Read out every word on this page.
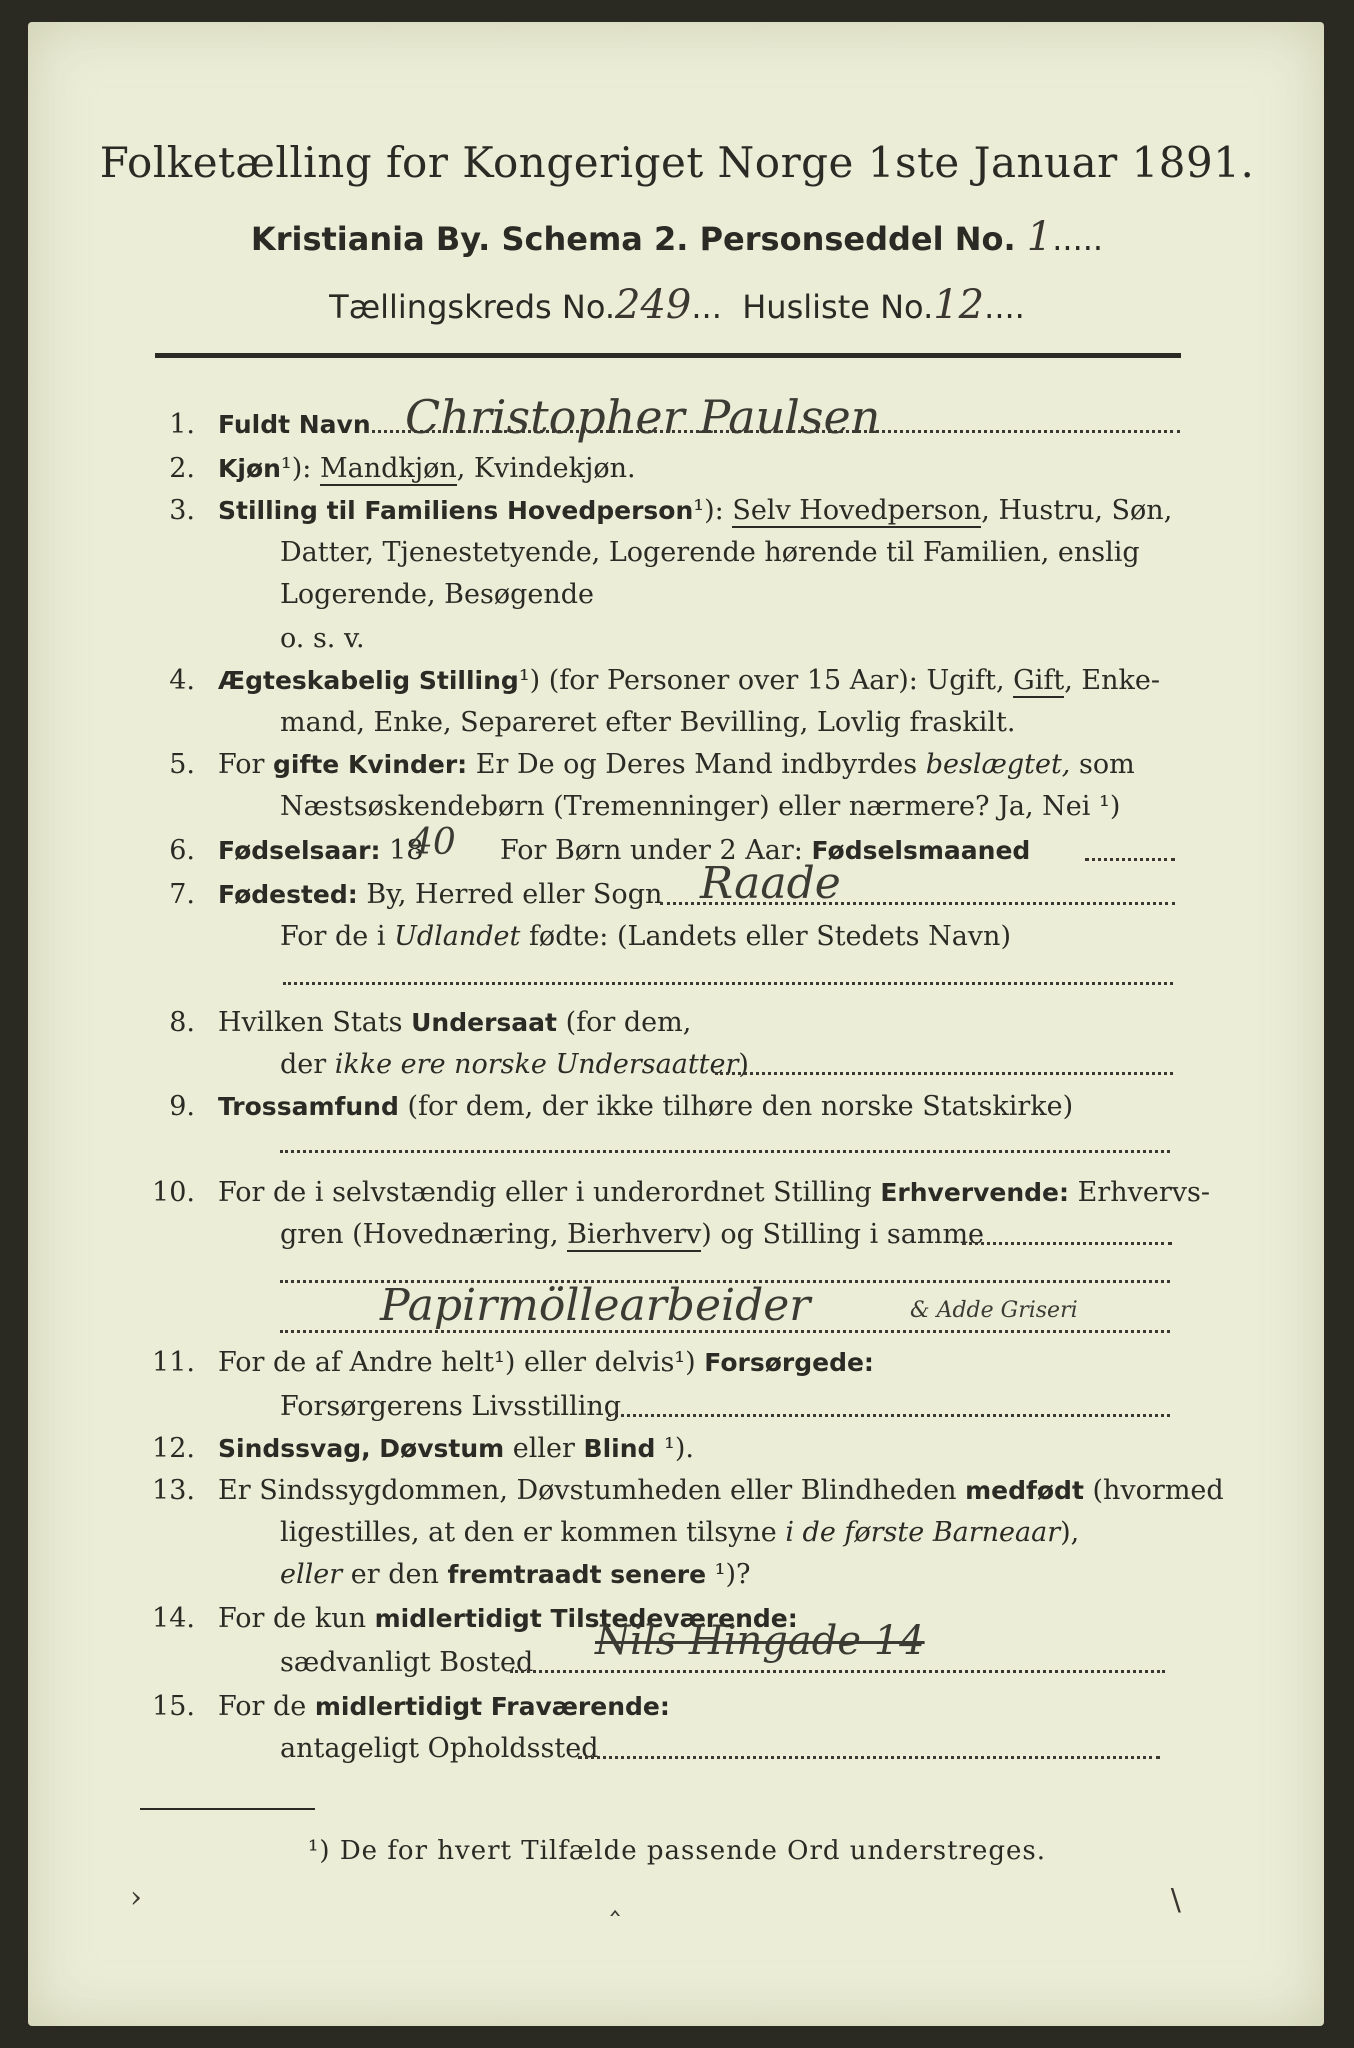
Folketælling for Kongeriget Norge 1ste Januar 1891.
Kristiania By. Schema 2. Personseddel No. 1.....
Tællingskreds No.249... Husliste No.12....
1. Fuldt Navn Christopher Paulsen
2. Kjøn¹): Mandkjøn, Kvindekjøn.
3. Stilling til Familiens Hovedperson¹): Selv Hovedperson, Hustru, Søn,
Datter, Tjenestetyende, Logerende hørende til Familien, enslig
Logerende, Besøgende
o. s. v.
4. Ægteskabelig Stilling¹) (for Personer over 15 Aar): Ugift, Gift, Enke-
mand, Enke, Separeret efter Bevilling, Lovlig fraskilt.
5. For gifte Kvinder: Er De og Deres Mand indbyrdes beslægtet, som
Næstsøskendebørn (Tremenninger) eller nærmere? Ja, Nei ¹)
6. Fødselsaar: 18	For Børn under 2 Aar: Fødselsmaaned
40
7. Fødested: By, Herred eller Sogn Raade
For de i Udlandet fødte: (Landets eller Stedets Navn)
8. Hvilken Stats Undersaat (for dem,
der ikke ere norske Undersaatter)
9. Trossamfund (for dem, der ikke tilhøre den norske Statskirke)
10. For de i selvstændig eller i underordnet Stilling Erhvervende: Erhvervs-
gren (Hovednæring, Bierhverv) og Stilling i samme
Papirmöllearbeider	& Adde Griseri
11. For de af Andre helt¹) eller delvis¹) Forsørgede:
Forsørgerens Livsstilling
12. Sindssvag, Døvstum eller Blind ¹).
13. Er Sindssygdommen, Døvstumheden eller Blindheden medfødt (hvormed
ligestilles, at den er kommen tilsyne i de første Barneaar),
eller er den fremtraadt senere ¹)?
14. For de kun midlertidigt Tilstedeværende:
sædvanligt Bosted Nils Hingade 14
15. For de midlertidigt Fraværende:
antageligt Opholdssted
¹) De for hvert Tilfælde passende Ord understreges.
›	‸	∖
